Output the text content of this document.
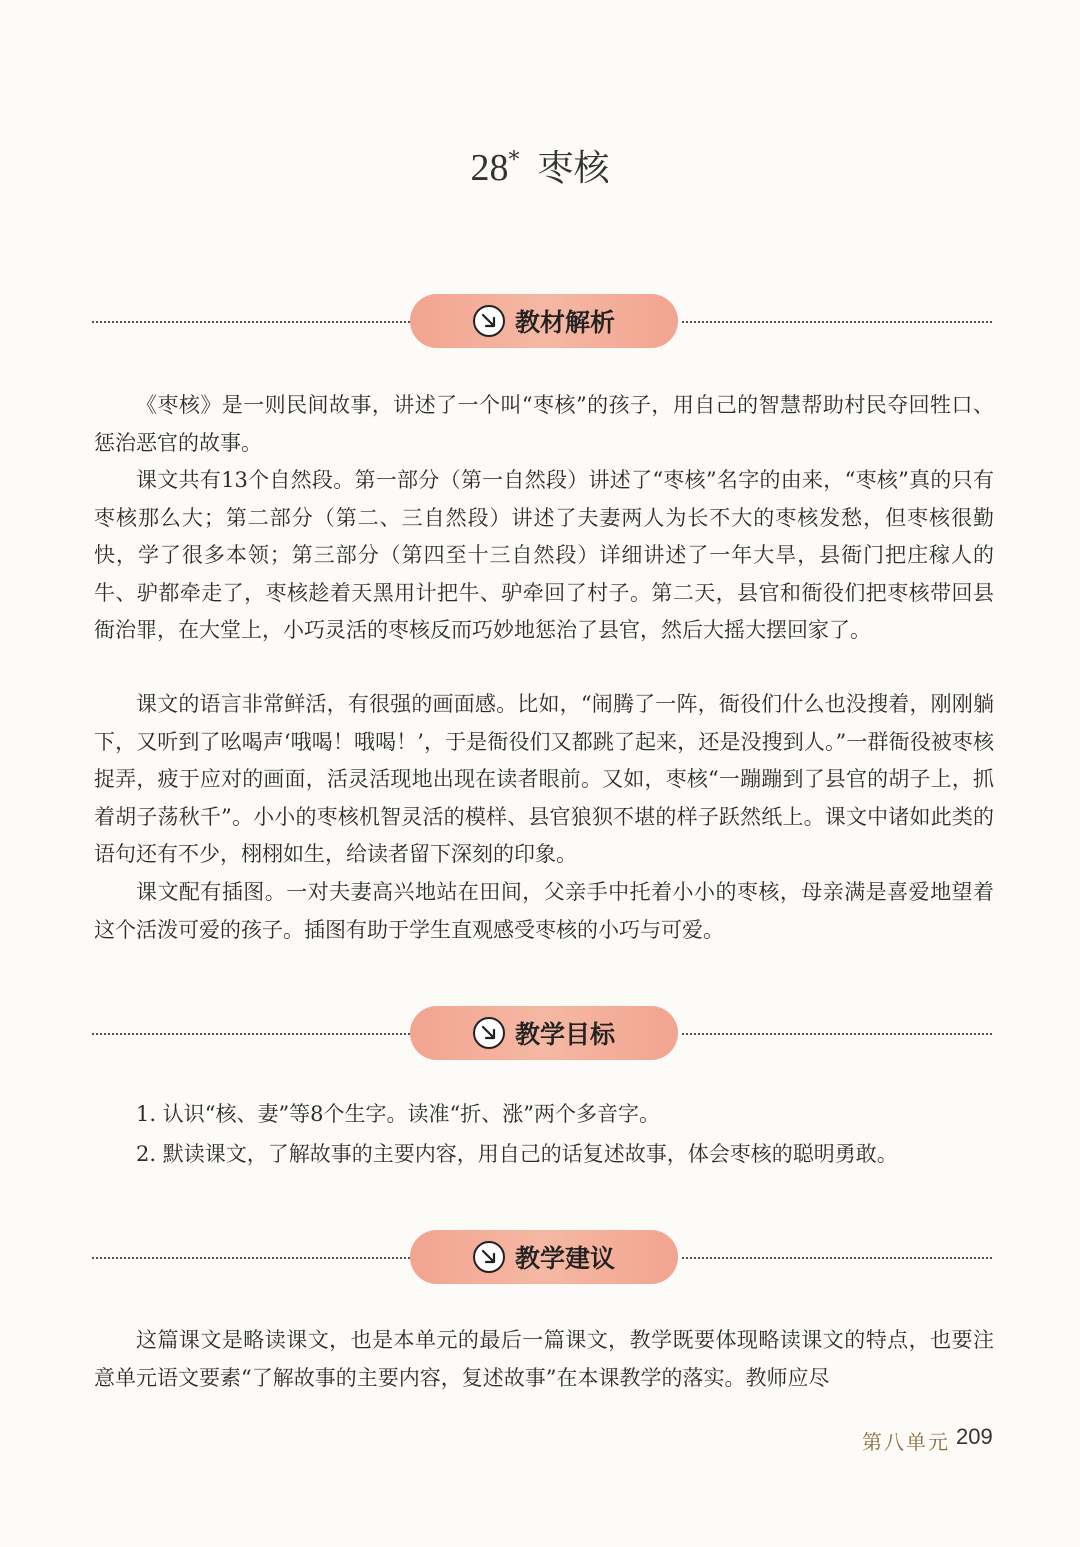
28* 枣核
教材解析

《枣核》是一则民间故事，讲述了一个叫“枣核”的孩子，用自己的智慧帮助村民夺回牲口、惩治恶官的故事。

课文共有13个自然段。第一部分（第一自然段）讲述了“枣核”名字的由来，“枣核”真的只有枣核那么大；第二部分（第二、三自然段）讲述了夫妻两人为长不大的枣核发愁，但枣核很勤快，学了很多本领；第三部分（第四至十三自然段）详细讲述了一年大旱，县衙门把庄稼人的牛、驴都牵走了，枣核趁着天黑用计把牛、驴牵回了村子。第二天，县官和衙役们把枣核带回县衙治罪，在大堂上，小巧灵活的枣核反而巧妙地惩治了县官，然后大摇大摆回家了。

课文的语言非常鲜活，有很强的画面感。比如，“闹腾了一阵，衙役们什么也没搜着，刚刚躺下，又听到了吆喝声‘哦喝！哦喝！’，于是衙役们又都跳了起来，还是没搜到人。”一群衙役被枣核捉弄，疲于应对的画面，活灵活现地出现在读者眼前。又如，枣核“一蹦蹦到了县官的胡子上，抓着胡子荡秋千”。小小的枣核机智灵活的模样、县官狼狈不堪的样子跃然纸上。课文中诸如此类的语句还有不少，栩栩如生，给读者留下深刻的印象。

课文配有插图。一对夫妻高兴地站在田间，父亲手中托着小小的枣核，母亲满是喜爱地望着这个活泼可爱的孩子。插图有助于学生直观感受枣核的小巧与可爱。

教学目标

1. 认识“核、妻”等8个生字。读准“折、涨”两个多音字。

2. 默读课文，了解故事的主要内容，用自己的话复述故事，体会枣核的聪明勇敢。

教学建议

这篇课文是略读课文，也是本单元的最后一篇课文，教学既要体现略读课文的特点，也要注意单元语文要素“了解故事的主要内容，复述故事”在本课教学的落实。教师应尽

第八单元 209
